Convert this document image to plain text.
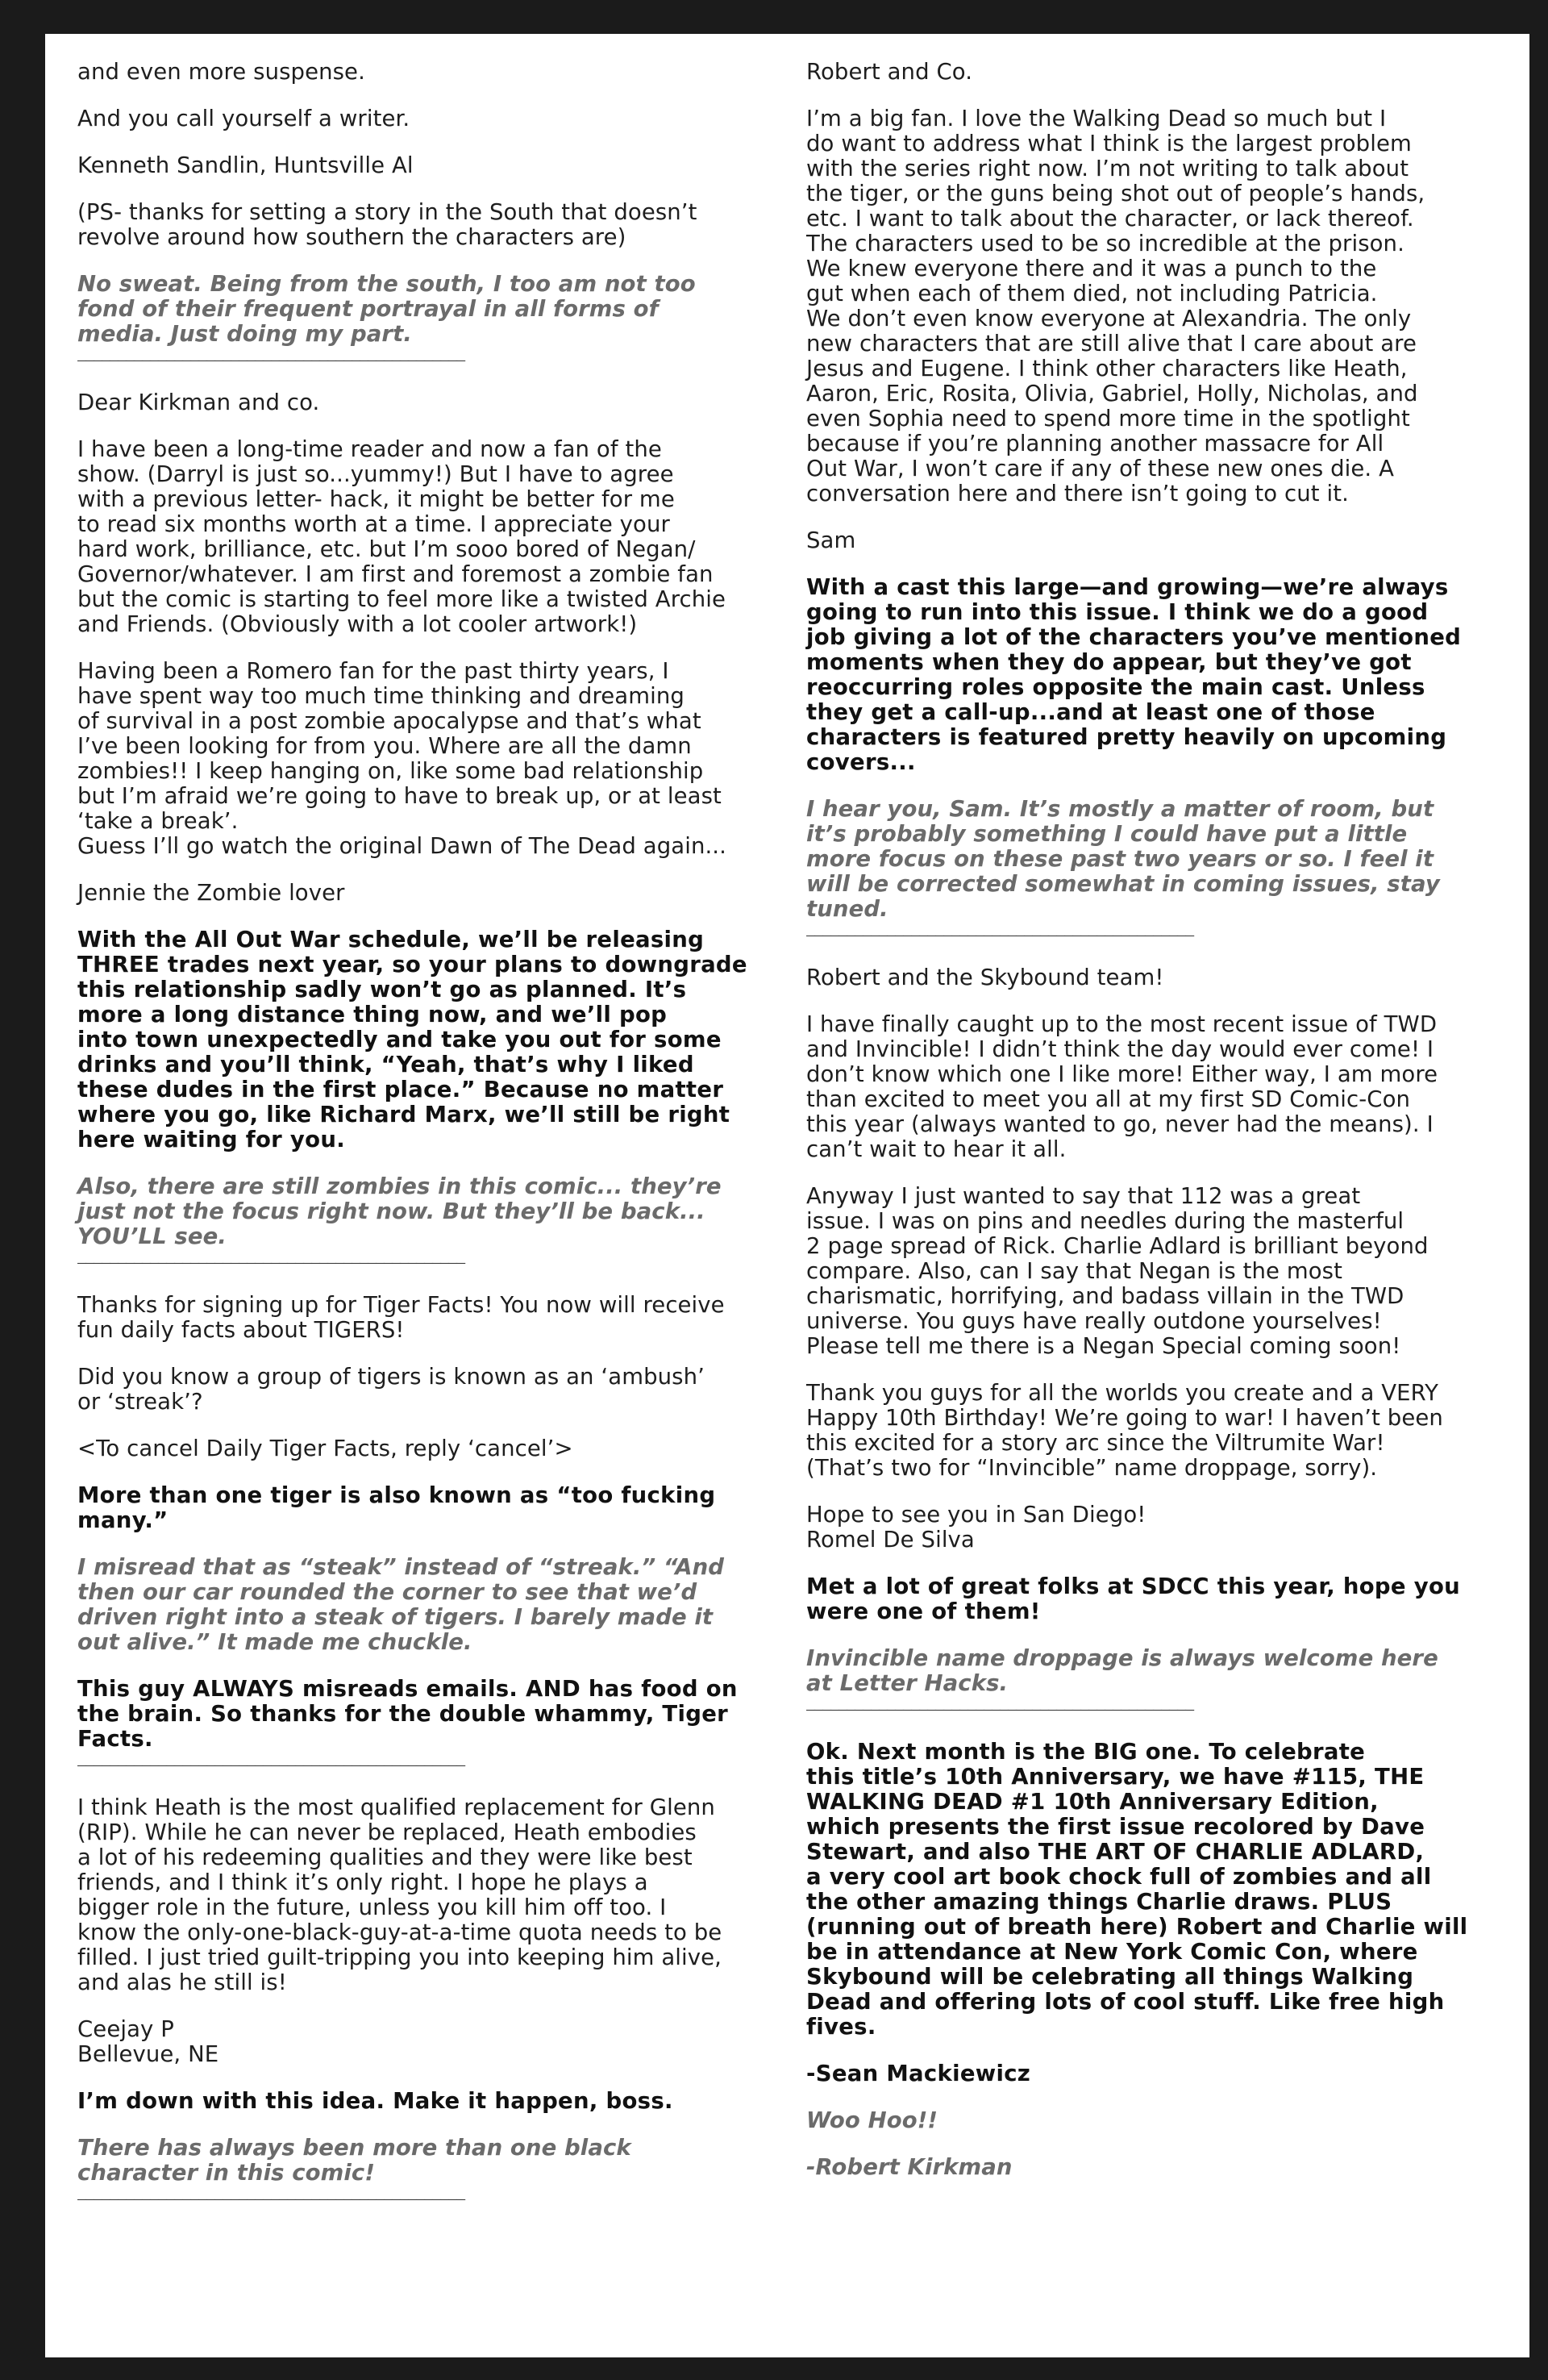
and even more suspense.

And you call yourself a writer.

Kenneth Sandlin, Huntsville Al

(PS- thanks for setting a story in the South that doesn’t
revolve around how southern the characters are)

No sweat. Being from the south, I too am not too
fond of their frequent portrayal in all forms of
media. Just doing my part.

________________________________________________

Dear Kirkman and co.

I have been a long-time reader and now a fan of the
show. (Darryl is just so...yummy!) But I have to agree
with a previous letter- hack, it might be better for me
to read six months worth at a time. I appreciate your
hard work, brilliance, etc. but I’m sooo bored of Negan/
Governor/whatever. I am first and foremost a zombie fan
but the comic is starting to feel more like a twisted Archie
and Friends. (Obviously with a lot cooler artwork!)

Having been a Romero fan for the past thirty years, I
have spent way too much time thinking and dreaming
of survival in a post zombie apocalypse and that’s what
I’ve been looking for from you. Where are all the damn
zombies!! I keep hanging on, like some bad relationship
but I’m afraid we’re going to have to break up, or at least
‘take a break’.
Guess I’ll go watch the original Dawn of The Dead again...

Jennie the Zombie lover

With the All Out War schedule, we’ll be releasing
THREE trades next year, so your plans to downgrade
this relationship sadly won’t go as planned. It’s
more a long distance thing now, and we’ll pop
into town unexpectedly and take you out for some
drinks and you’ll think, “Yeah, that’s why I liked
these dudes in the first place.” Because no matter
where you go, like Richard Marx, we’ll still be right
here waiting for you.

Also, there are still zombies in this comic... they’re
just not the focus right now. But they’ll be back...
YOU’LL see.

________________________________________________

Thanks for signing up for Tiger Facts! You now will receive
fun daily facts about TIGERS!

Did you know a group of tigers is known as an ‘ambush’
or ‘streak’?

<To cancel Daily Tiger Facts, reply ‘cancel’>

More than one tiger is also known as “too fucking
many.”

I misread that as “steak” instead of “streak.” “And
then our car rounded the corner to see that we’d
driven right into a steak of tigers. I barely made it
out alive.” It made me chuckle.

This guy ALWAYS misreads emails. AND has food on
the brain. So thanks for the double whammy, Tiger
Facts.

________________________________________________

I think Heath is the most qualified replacement for Glenn
(RIP). While he can never be replaced, Heath embodies
a lot of his redeeming qualities and they were like best
friends, and I think it’s only right. I hope he plays a
bigger role in the future, unless you kill him off too. I
know the only-one-black-guy-at-a-time quota needs to be
filled. I just tried guilt-tripping you into keeping him alive,
and alas he still is!

Ceejay P
Bellevue, NE

I’m down with this idea. Make it happen, boss.

There has always been more than one black
character in this comic!

________________________________________________

Robert and Co.

I’m a big fan. I love the Walking Dead so much but I
do want to address what I think is the largest problem
with the series right now. I’m not writing to talk about
the tiger, or the guns being shot out of people’s hands,
etc. I want to talk about the character, or lack thereof.
The characters used to be so incredible at the prison.
We knew everyone there and it was a punch to the
gut when each of them died, not including Patricia.
We don’t even know everyone at Alexandria. The only
new characters that are still alive that I care about are
Jesus and Eugene. I think other characters like Heath,
Aaron, Eric, Rosita, Olivia, Gabriel, Holly, Nicholas, and
even Sophia need to spend more time in the spotlight
because if you’re planning another massacre for All
Out War, I won’t care if any of these new ones die. A
conversation here and there isn’t going to cut it.

Sam

With a cast this large—and growing—we’re always
going to run into this issue. I think we do a good
job giving a lot of the characters you’ve mentioned
moments when they do appear, but they’ve got
reoccurring roles opposite the main cast. Unless
they get a call-up...and at least one of those
characters is featured pretty heavily on upcoming
covers...

I hear you, Sam. It’s mostly a matter of room, but
it’s probably something I could have put a little
more focus on these past two years or so. I feel it
will be corrected somewhat in coming issues, stay
tuned.

________________________________________________

Robert and the Skybound team!

I have finally caught up to the most recent issue of TWD
and Invincible! I didn’t think the day would ever come! I
don’t know which one I like more! Either way, I am more
than excited to meet you all at my first SD Comic-Con
this year (always wanted to go, never had the means). I
can’t wait to hear it all.

Anyway I just wanted to say that 112 was a great
issue. I was on pins and needles during the masterful
2 page spread of Rick. Charlie Adlard is brilliant beyond
compare. Also, can I say that Negan is the most
charismatic, horrifying, and badass villain in the TWD
universe. You guys have really outdone yourselves!
Please tell me there is a Negan Special coming soon!

Thank you guys for all the worlds you create and a VERY
Happy 10th Birthday! We’re going to war! I haven’t been
this excited for a story arc since the Viltrumite War!
(That’s two for “Invincible” name droppage, sorry).

Hope to see you in San Diego!
Romel De Silva

Met a lot of great folks at SDCC this year, hope you
were one of them!

Invincible name droppage is always welcome here
at Letter Hacks.

________________________________________________

Ok. Next month is the BIG one. To celebrate
this title’s 10th Anniversary, we have #115, THE
WALKING DEAD #1 10th Anniversary Edition,
which presents the first issue recolored by Dave
Stewart, and also THE ART OF CHARLIE ADLARD,
a very cool art book chock full of zombies and all
the other amazing things Charlie draws. PLUS
(running out of breath here) Robert and Charlie will
be in attendance at New York Comic Con, where
Skybound will be celebrating all things Walking
Dead and offering lots of cool stuff. Like free high
fives.

-Sean Mackiewicz

Woo Hoo!!

-Robert Kirkman
